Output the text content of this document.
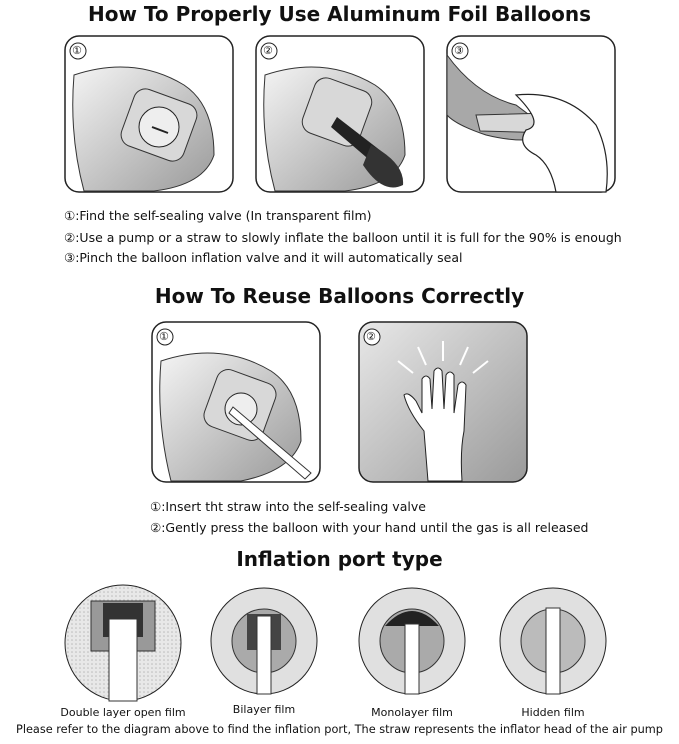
How To Properly Use Aluminum Foil Balloons
①	②	③
①:Find the self-sealing valve (In transparent film)
②:Use a pump or a straw to slowly inflate the balloon until it is full for the 90% is enough
③:Pinch the balloon inflation valve and it will automatically seal
How To Reuse Balloons Correctly
①	②
①:Insert tht straw into the self-sealing valve
②:Gently press the balloon with your hand until the gas is all released
Inflation port type
Double layer open film	Bilayer film	Monolayer film	Hidden film
Please refer to the diagram above to find the inflation port, The straw represents the inflator head of the air pump
